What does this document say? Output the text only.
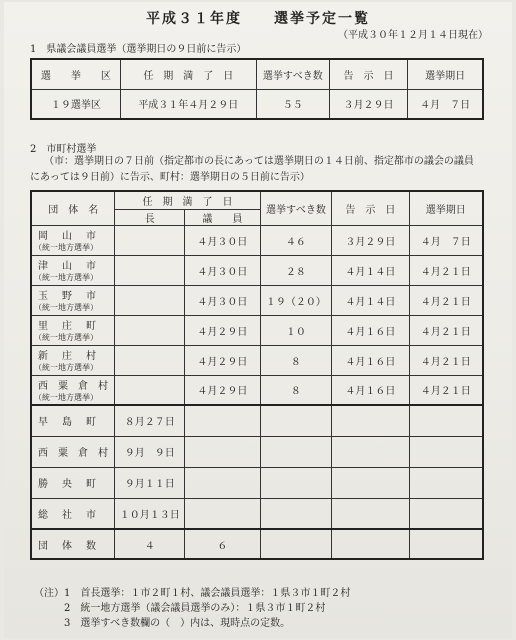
平成３１年度　　選挙予定一覧
（平成３０年１２月１４日現在）
1　県議会議員選挙（選挙期日の９日前に告示）
選　　挙　　区	任　期　満　了　日	選挙すべき数	告　示　日	選挙期日
１９選挙区	平成３１年４月２９日	５５	３月２９日	４月　７日
2　市町村選挙
（市：選挙期日の７日前（指定都市の長にあっては選挙期日の１４日前、指定都市の議会の議員
にあっては９日前）に告示、町村：選挙期日の５日前に告示）
団　体　名	任　期　満　了　日		選挙すべき数	告　示　日	選挙期日
	長	議　　員			

岡　山　市
（統一地方選挙）		４月３０日	４６	３月２９日	４月　７日

津　山　市
（統一地方選挙）		４月３０日	２８	４月１４日	４月２１日

玉　野　市
（統一地方選挙）		４月３０日	１９（２０）	４月１４日	４月２１日

里　庄　町
（統一地方選挙）		４月２９日	１０	４月１６日	４月２１日

新　庄　村
（統一地方選挙）		４月２９日	８	４月１６日	４月２１日

西　粟　倉　村
（統一地方選挙）		４月２９日	８	４月１６日	４月２１日

早　島　町	８月２７日				

西　粟　倉　村	９月　９日				

勝　央　町	９月１１日				

総　社　市	１０月１３日				

団　体　数	４	６			
（注） 1　首長選挙：１市２町１村、議会議員選挙：１県３市１町２村
2　統一地方選挙（議会議員選挙のみ）：１県３市１町２村
3　選挙すべき数欄の（　）内は、現時点の定数。
